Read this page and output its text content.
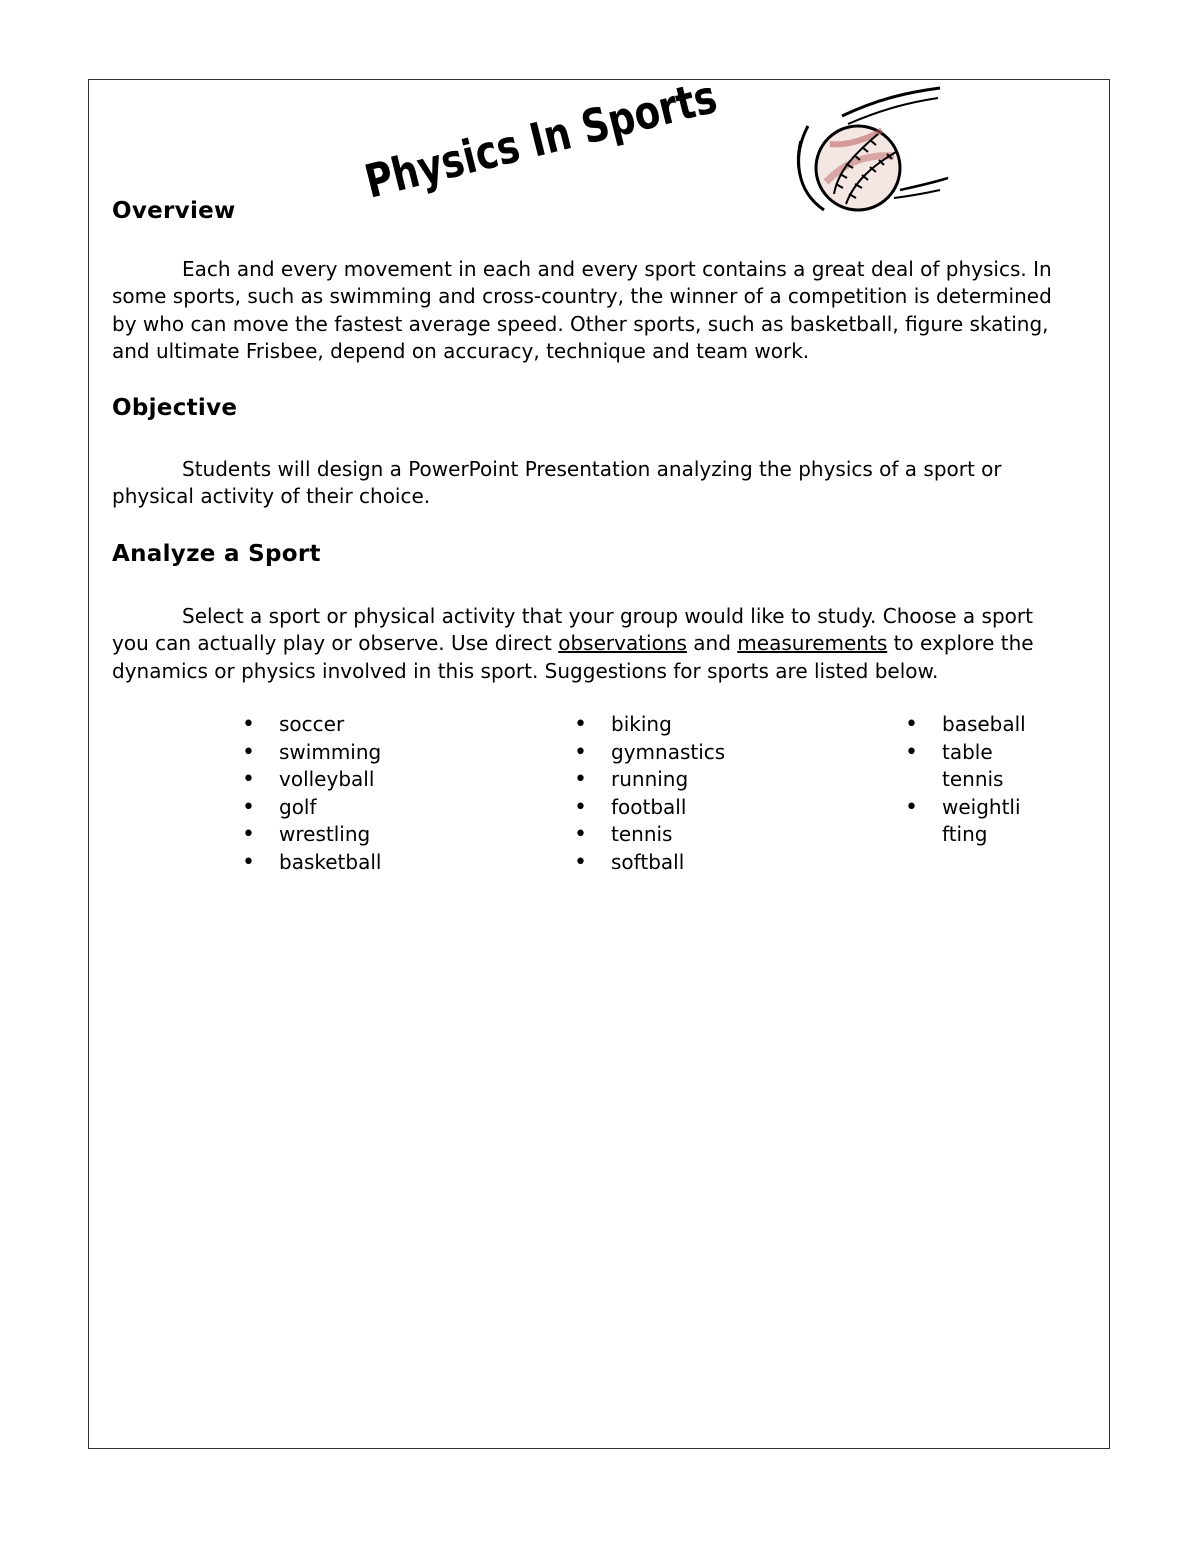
Physics In Sports
Overview

Each and every movement in each and every sport contains a great deal of physics. In some sports, such as swimming and cross-country, the winner of a competition is determined by who can move the fastest average speed. Other sports, such as basketball, figure skating, and ultimate Frisbee, depend on accuracy, technique and team work.

Objective

Students will design a PowerPoint Presentation analyzing the physics of a sport or physical activity of their choice.

Analyze a Sport

Select a sport or physical activity that your group would like to study. Choose a sport you can actually play or observe. Use direct observations and measurements to explore the dynamics or physics involved in this sport. Suggestions for sports are listed below.

• soccer
• swimming
• volleyball
• golf
• wrestling
• basketball
• biking
• gymnastics
• running
• football
• tennis
• softball
• baseball
• table tennis
• weightlifting
